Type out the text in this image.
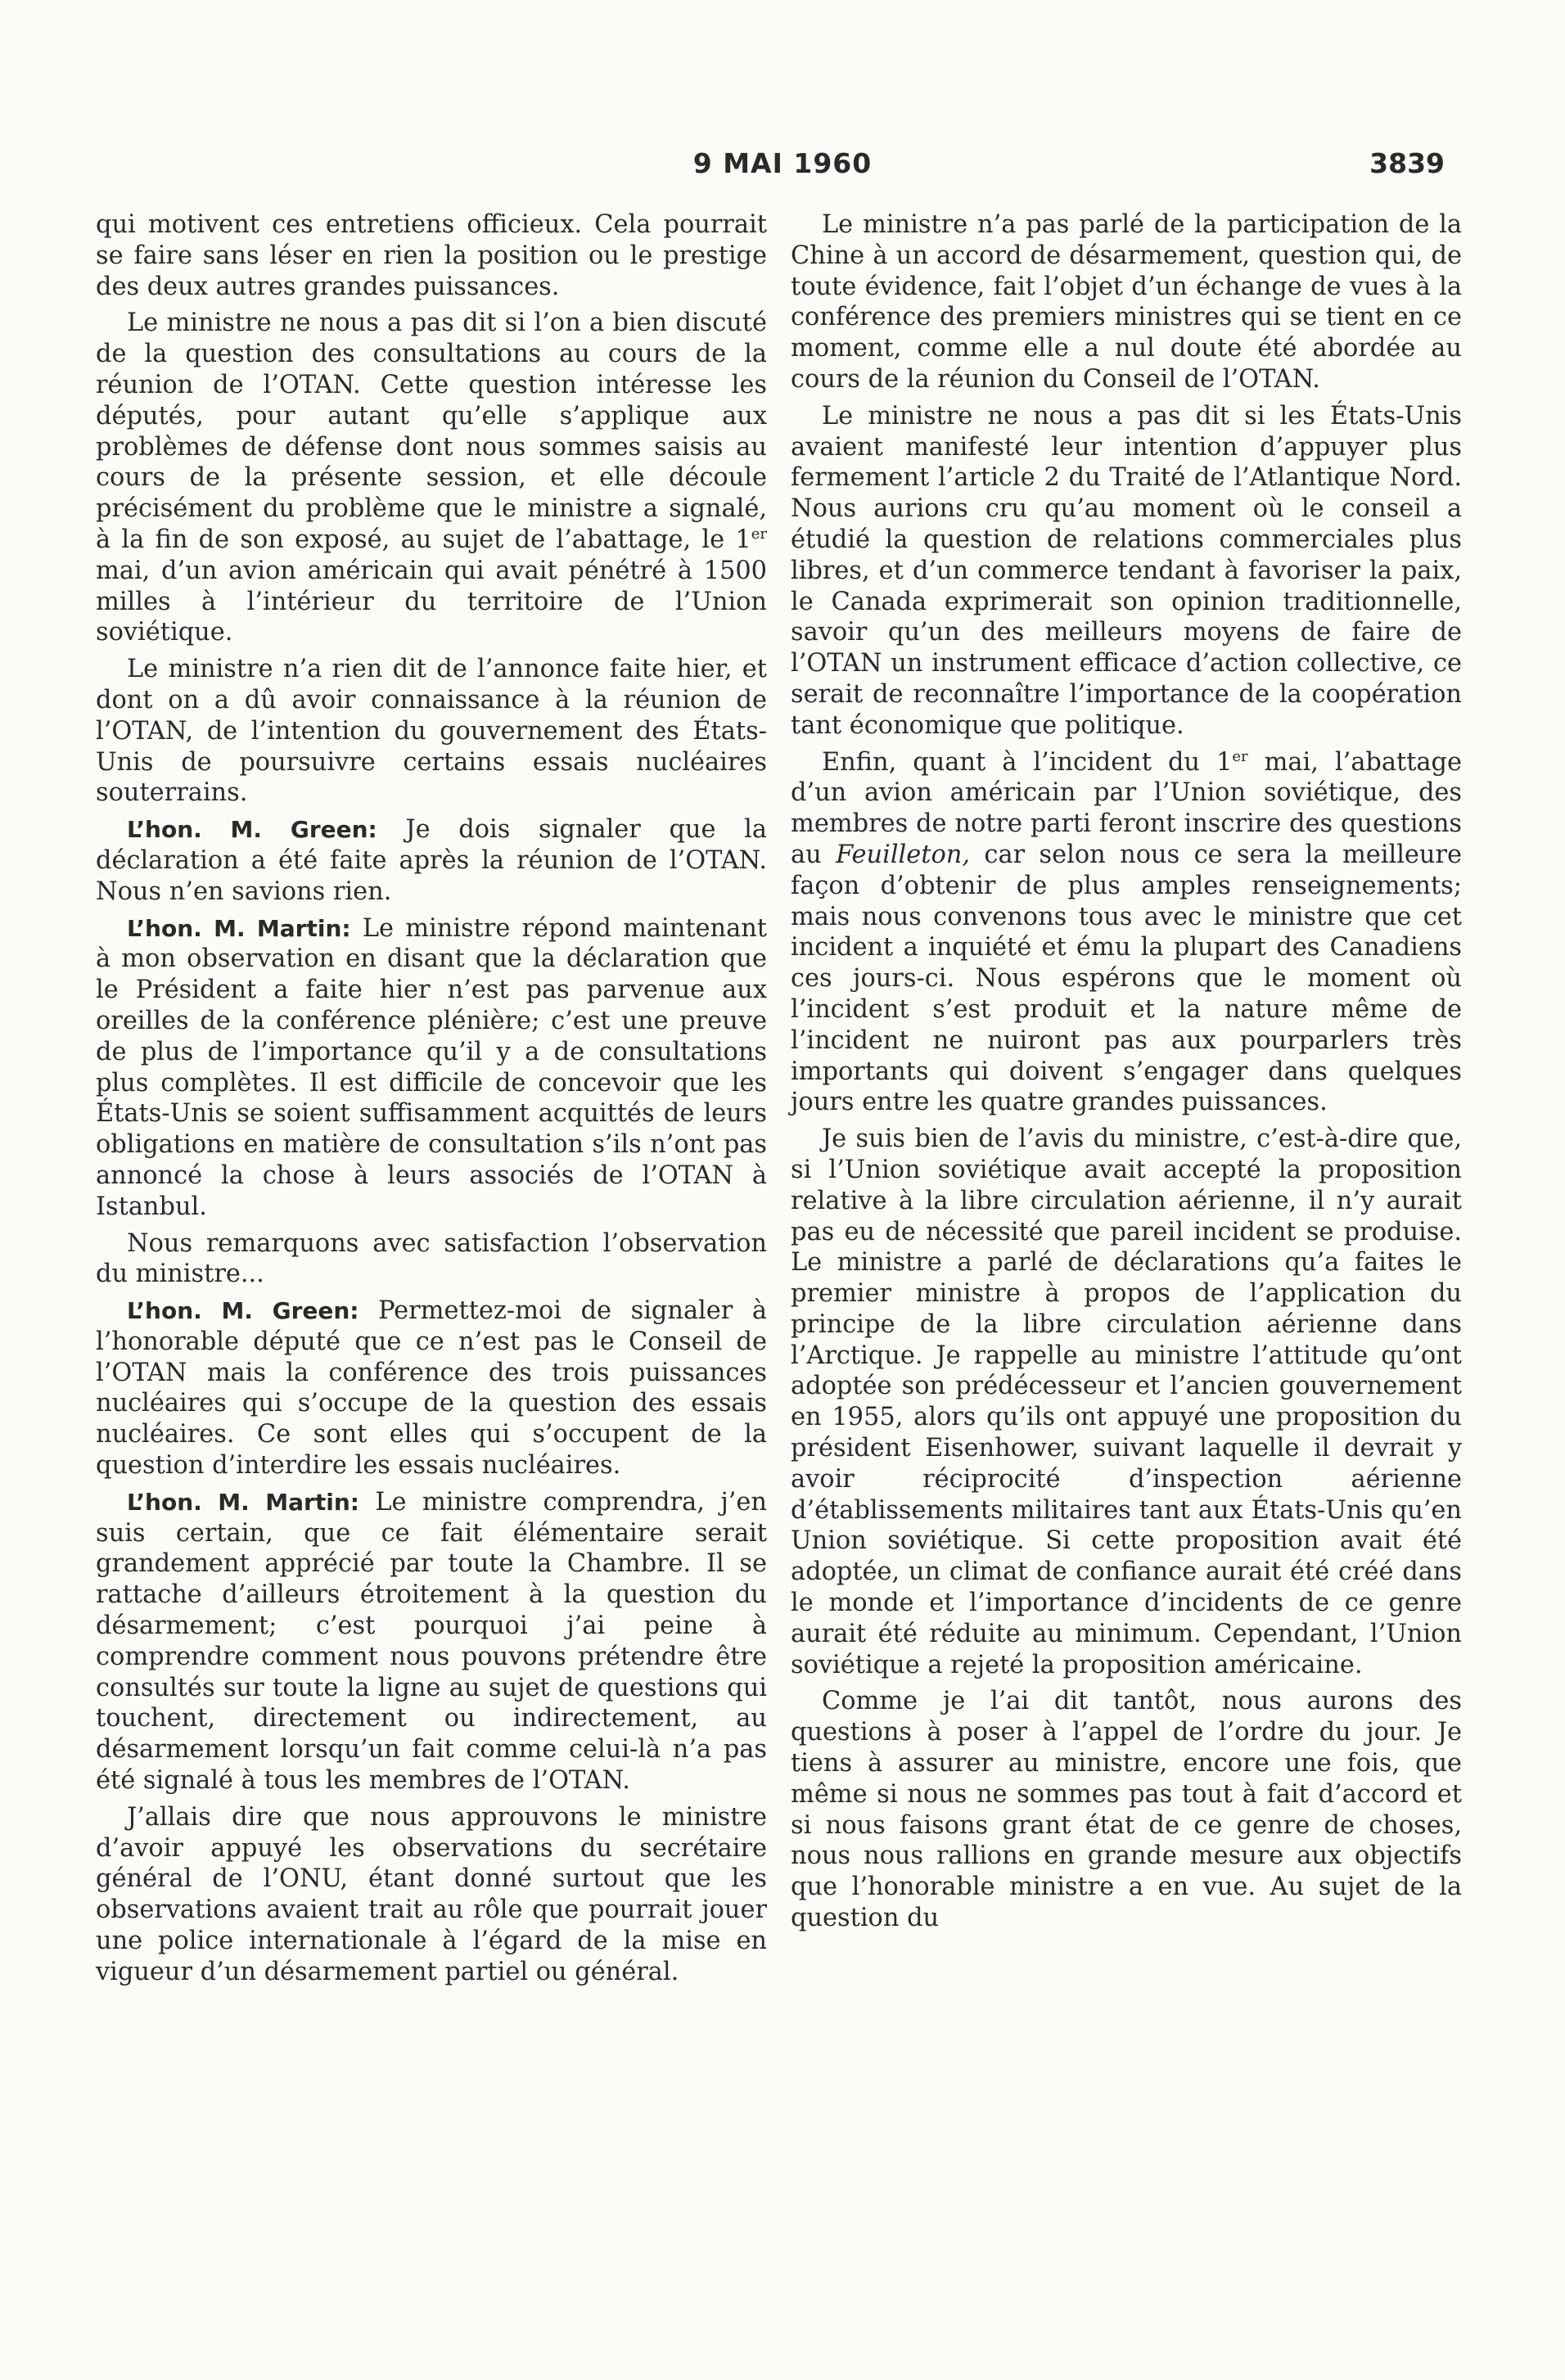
9 MAI 1960	3839

qui motivent ces entretiens officieux. Cela pourrait se faire sans léser en rien la position ou le prestige des deux autres grandes puissances.

Le ministre ne nous a pas dit si l’on a bien discuté de la question des consultations au cours de la réunion de l’OTAN. Cette question intéresse les députés, pour autant qu’elle s’applique aux problèmes de défense dont nous sommes saisis au cours de la présente session, et elle découle précisément du problème que le ministre a signalé, à la fin de son exposé, au sujet de l’abattage, le 1er mai, d’un avion américain qui avait pénétré à 1500 milles à l’intérieur du territoire de l’Union soviétique.

Le ministre n’a rien dit de l’annonce faite hier, et dont on a dû avoir connaissance à la réunion de l’OTAN, de l’intention du gouvernement des États-Unis de poursuivre certains essais nucléaires souterrains.

L’hon. M. Green: Je dois signaler que la déclaration a été faite après la réunion de l’OTAN. Nous n’en savions rien.

L’hon. M. Martin: Le ministre répond maintenant à mon observation en disant que la déclaration que le Président a faite hier n’est pas parvenue aux oreilles de la conférence plénière; c’est une preuve de plus de l’importance qu’il y a de consultations plus complètes. Il est difficile de concevoir que les États-Unis se soient suffisamment acquittés de leurs obligations en matière de consultation s’ils n’ont pas annoncé la chose à leurs associés de l’OTAN à Istanbul.

Nous remarquons avec satisfaction l’observation du ministre...

L’hon. M. Green: Permettez-moi de signaler à l’honorable député que ce n’est pas le Conseil de l’OTAN mais la conférence des trois puissances nucléaires qui s’occupe de la question des essais nucléaires. Ce sont elles qui s’occupent de la question d’interdire les essais nucléaires.

L’hon. M. Martin: Le ministre comprendra, j’en suis certain, que ce fait élémentaire serait grandement apprécié par toute la Chambre. Il se rattache d’ailleurs étroitement à la question du désarmement; c’est pourquoi j’ai peine à comprendre comment nous pouvons prétendre être consultés sur toute la ligne au sujet de questions qui touchent, directement ou indirectement, au désarmement lorsqu’un fait comme celui-là n’a pas été signalé à tous les membres de l’OTAN.

J’allais dire que nous approuvons le ministre d’avoir appuyé les observations du secrétaire général de l’ONU, étant donné surtout que les observations avaient trait au rôle que pourrait jouer une police internationale à l’égard de la mise en vigueur d’un désarmement partiel ou général.

Le ministre n’a pas parlé de la participation de la Chine à un accord de désarmement, question qui, de toute évidence, fait l’objet d’un échange de vues à la conférence des premiers ministres qui se tient en ce moment, comme elle a nul doute été abordée au cours de la réunion du Conseil de l’OTAN.

Le ministre ne nous a pas dit si les États-Unis avaient manifesté leur intention d’appuyer plus fermement l’article 2 du Traité de l’Atlantique Nord. Nous aurions cru qu’au moment où le conseil a étudié la question de relations commerciales plus libres, et d’un commerce tendant à favoriser la paix, le Canada exprimerait son opinion traditionnelle, savoir qu’un des meilleurs moyens de faire de l’OTAN un instrument efficace d’action collective, ce serait de reconnaître l’importance de la coopération tant économique que politique.

Enfin, quant à l’incident du 1er mai, l’abattage d’un avion américain par l’Union soviétique, des membres de notre parti feront inscrire des questions au Feuilleton, car selon nous ce sera la meilleure façon d’obtenir de plus amples renseignements; mais nous convenons tous avec le ministre que cet incident a inquiété et ému la plupart des Canadiens ces jours-ci. Nous espérons que le moment où l’incident s’est produit et la nature même de l’incident ne nuiront pas aux pourparlers très importants qui doivent s’engager dans quelques jours entre les quatre grandes puissances.

Je suis bien de l’avis du ministre, c’est-à-dire que, si l’Union soviétique avait accepté la proposition relative à la libre circulation aérienne, il n’y aurait pas eu de nécessité que pareil incident se produise. Le ministre a parlé de déclarations qu’a faites le premier ministre à propos de l’application du principe de la libre circulation aérienne dans l’Arctique. Je rappelle au ministre l’attitude qu’ont adoptée son prédécesseur et l’ancien gouvernement en 1955, alors qu’ils ont appuyé une proposition du président Eisenhower, suivant laquelle il devrait y avoir réciprocité d’inspection aérienne d’établissements militaires tant aux États-Unis qu’en Union soviétique. Si cette proposition avait été adoptée, un climat de confiance aurait été créé dans le monde et l’importance d’incidents de ce genre aurait été réduite au minimum. Cependant, l’Union soviétique a rejeté la proposition américaine.

Comme je l’ai dit tantôt, nous aurons des questions à poser à l’appel de l’ordre du jour. Je tiens à assurer au ministre, encore une fois, que même si nous ne sommes pas tout à fait d’accord et si nous faisons grant état de ce genre de choses, nous nous rallions en grande mesure aux objectifs que l’honorable ministre a en vue. Au sujet de la question du
